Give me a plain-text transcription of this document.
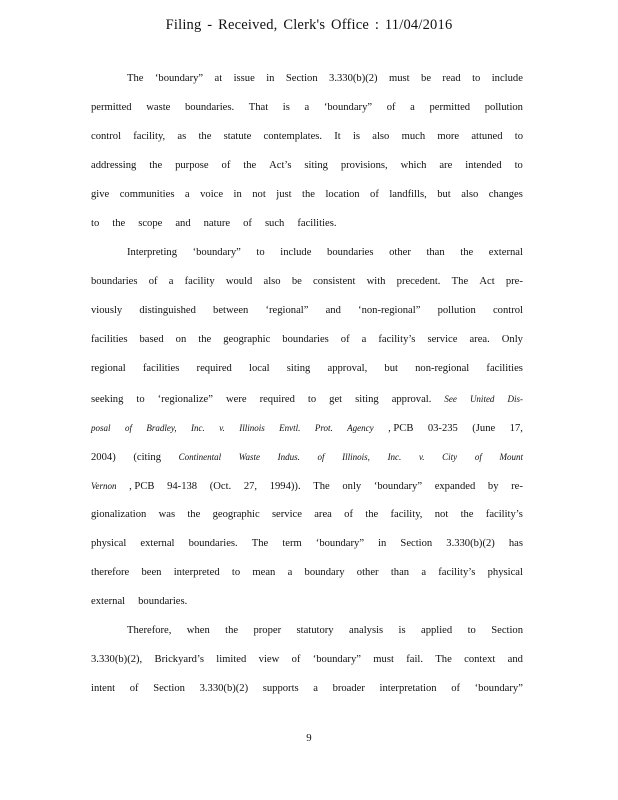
Filing - Received, Clerk's Office : 11/04/2016
The ‘boundary” at issue in Section 3.330(b)(2) must be read to include
permitted waste boundaries. That is a ‘boundary” of a permitted pollution
control facility, as the statute contemplates. It is also much more attuned to
addressing the purpose of the Act’s siting provisions, which are intended to
give communities a voice in not just the location of landfills, but also changes
to the scope and nature of such facilities.
Interpreting ‘boundary” to include boundaries other than the external
boundaries of a facility would also be consistent with precedent. The Act pre-
viously distinguished between ‘regional” and ‘non-regional” pollution control
facilities based on the geographic boundaries of a facility’s service area. Only
regional facilities required local siting approval, but non-regional facilities
seeking to ‘regionalize” were required to get siting approval. See United Dis-
posal of Bradley, Inc. v. Illinois Envtl. Prot. Agency , PCB 03-235 (June 17,
2004) (citing Continental Waste Indus. of Illinois, Inc. v. City of Mount
Vernon , PCB 94-138 (Oct. 27, 1994)). The only ‘boundary” expanded by re-
gionalization was the geographic service area of the facility, not the facility’s
physical external boundaries. The term ‘boundary” in Section 3.330(b)(2) has
therefore been interpreted to mean a boundary other than a facility’s physical
external boundaries.
Therefore, when the proper statutory analysis is applied to Section
3.330(b)(2), Brickyard’s limited view of ‘boundary” must fail. The context and
intent of Section 3.330(b)(2) supports a broader interpretation of ‘boundary”
9
